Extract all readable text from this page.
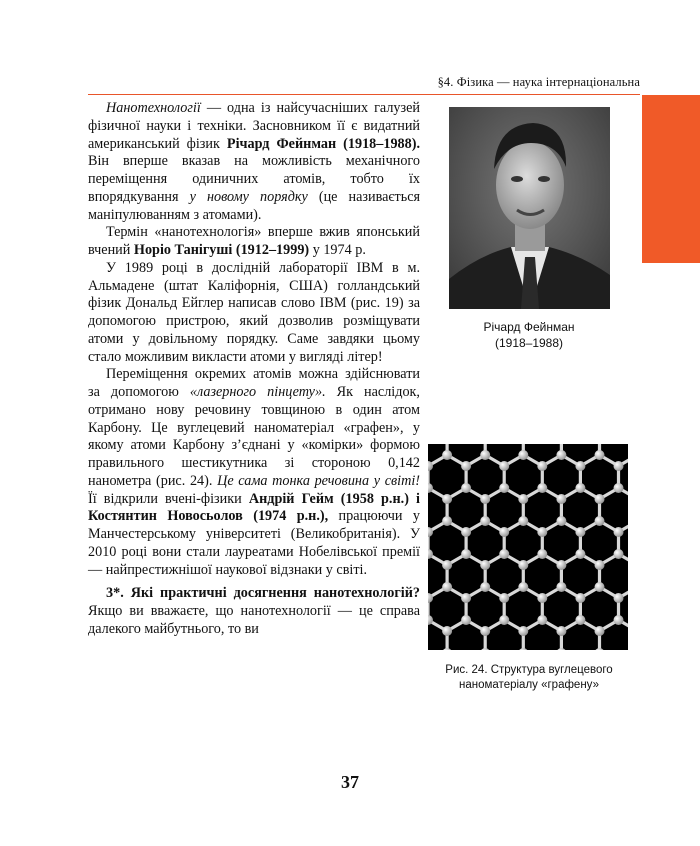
§4. Фізика — наука інтернаціональна

Нанотехнології — одна із найсучасніших галузей фізичної науки і техніки. Засновником її є видатний американський фізик Річард Фейнман (1918–1988). Він вперше вказав на можливість механічного переміщення одиничних атомів, тобто їх впорядкування у новому порядку (це називається маніпулюванням з атомами).

Термін «нанотехнологія» вперше вжив японський вчений Норіо Танігуші (1912–1999) у 1974 р.

У 1989 році в дослідній лабораторії IBM в м. Альмадене (штат Каліфорнія, США) голландський фізик Дональд Ейглер написав слово IBM (рис. 19) за допомогою пристрою, який дозволив розміщувати атоми у довільному порядку. Саме завдяки цьому стало можливим викласти атоми у вигляді літер!

Переміщення окремих атомів можна здійснювати за допомогою «лазерного пінцету». Як наслідок, отримано нову речовину товщиною в один атом Карбону. Це вуглецевий наноматеріал «графен», у якому атоми Карбону з’єднані у «комірки» формою правильного шестикутника зі стороною 0,142 нанометра (рис. 24). Це сама тонка речовина у світі! Її відкрили вчені-фізики Андрій Гейм (1958 р.н.) і Костянтин Новосьолов (1974 р.н.), працюючи у Манчестерському університеті (Великобританія). У 2010 році вони стали лауреатами Нобелівської премії — найпрестижнішої наукової відзнаки у світі.

3*. Які практичні досягнення нанотехнологій? Якщо ви вважаєте, що нанотехнології — це справа далекого майбутнього, то ви

Річард Фейнман
(1918–1988)
Рис. 24. Структура вуглецевого
наноматеріалу «графену»
37
